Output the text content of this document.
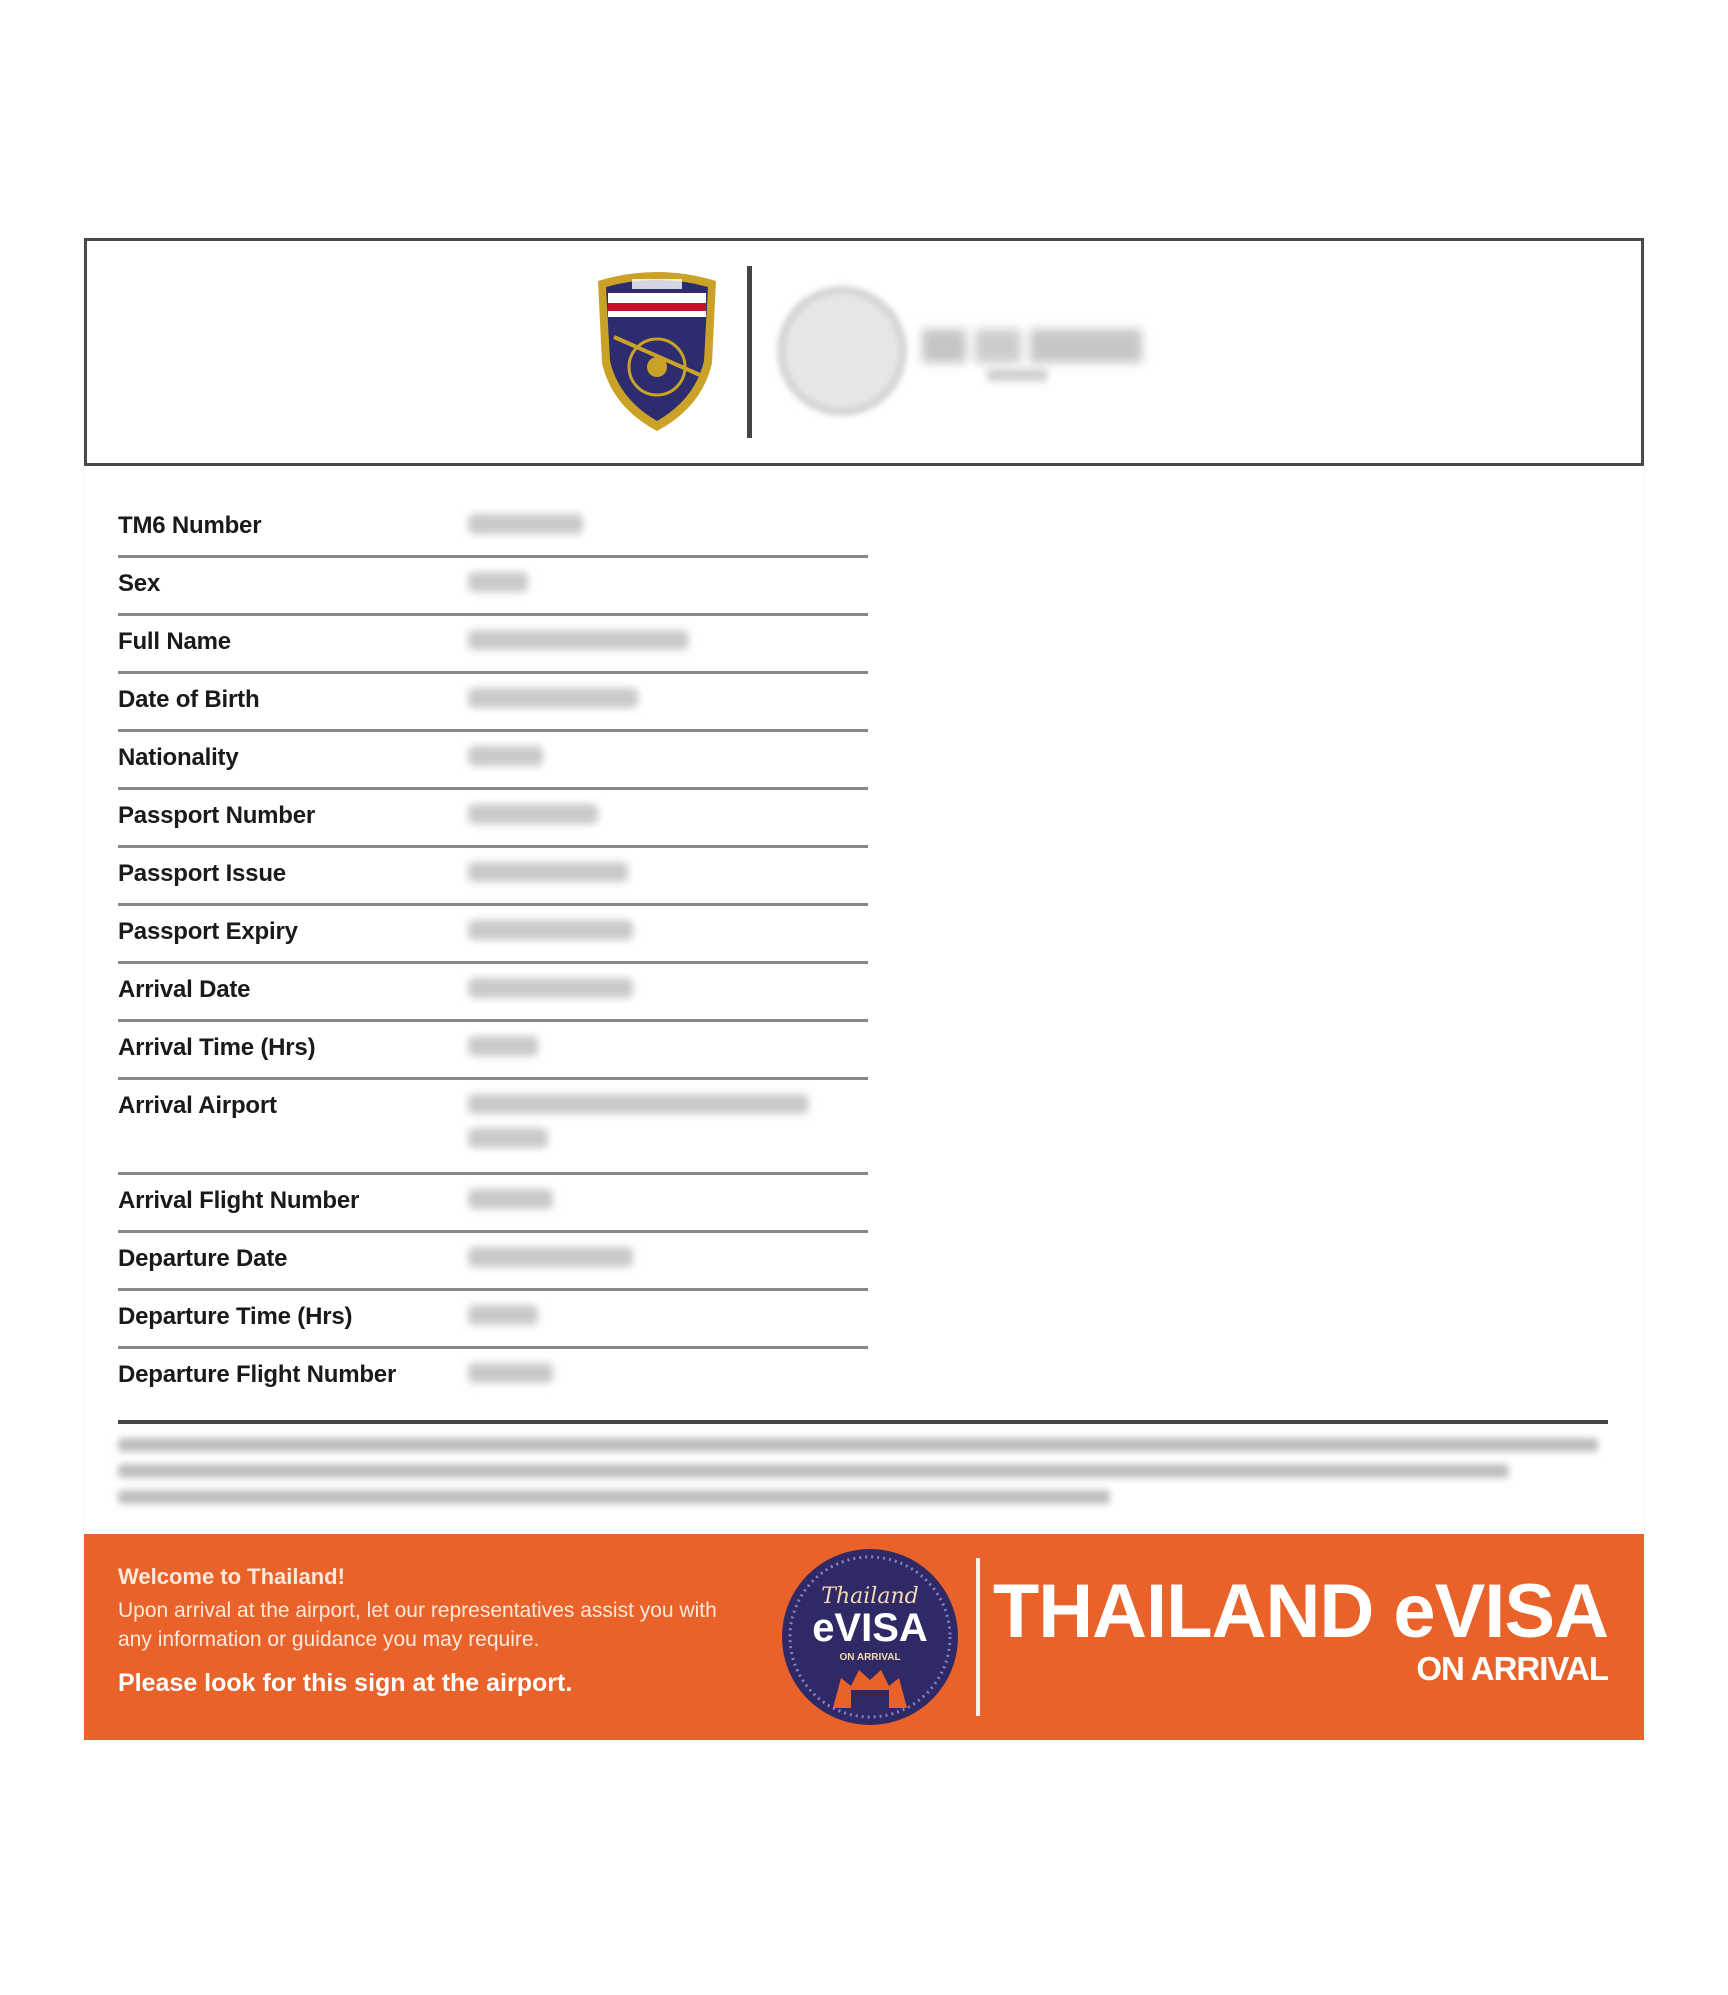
TM6 Number
Sex
Full Name
Date of Birth
Nationality
Passport Number
Passport Issue
Passport Expiry
Arrival Date
Arrival Time (Hrs)
Arrival Airport
Arrival Flight Number
Departure Date
Departure Time (Hrs)
Departure Flight Number
Welcome to Thailand!
Upon arrival at the airport, let our representatives assist you with any information or guidance you may require.
Please look for this sign at the airport.
Thailand
eVISA
ON ARRIVAL
THAILAND eVISA
ON ARRIVAL
